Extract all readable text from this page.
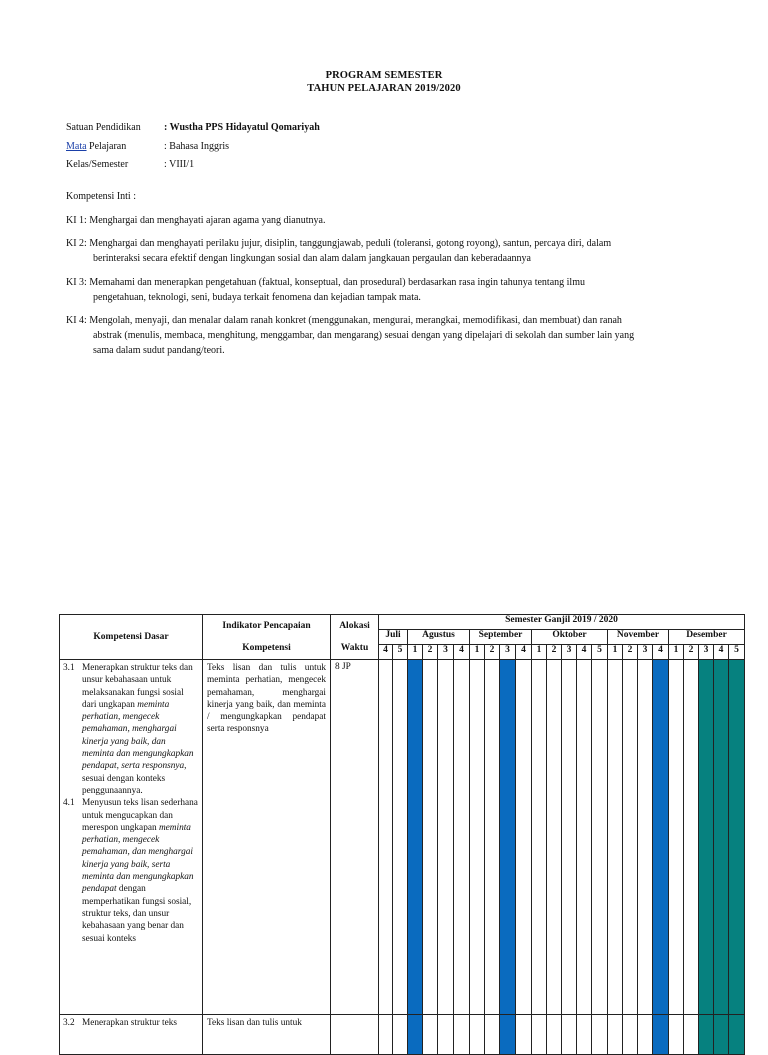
PROGRAM SEMESTER
TAHUN PELAJARAN 2019/2020
Satuan Pendidikan : Wustha PPS Hidayatul Qomariyah
Mata Pelajaran	: Bahasa Inggris
Kelas/Semester	: VIII/1
Kompetensi Inti :
KI 1: Menghargai dan menghayati ajaran agama yang dianutnya.
KI 2: Menghargai dan menghayati perilaku jujur, disiplin, tanggungjawab, peduli (toleransi, gotong royong), santun, percaya diri, dalam
berinteraksi secara efektif dengan lingkungan sosial dan alam dalam jangkauan pergaulan dan keberadaannya
KI 3: Memahami dan menerapkan pengetahuan (faktual, konseptual, dan prosedural) berdasarkan rasa ingin tahunya tentang ilmu
pengetahuan, teknologi, seni, budaya terkait fenomena dan kejadian tampak mata.
KI 4: Mengolah, menyaji, dan menalar dalam ranah konkret (menggunakan, mengurai, merangkai, memodifikasi, dan membuat) dan ranah
abstrak (menulis, membaca, menghitung, menggambar, dan mengarang) sesuai dengan yang dipelajari di sekolah dan sumber lain yang
sama dalam sudut pandang/teori.
Kompetensi Dasar	Indikator Pencapaian Kompetensi	Alokasi Waktu	Semester Ganjil 2019 / 2020																							
			Juli		Agustus				September				Oktober					November				Desember				
			4	5	1	2	3	4	1	2	3	4	1	2	3	4	5	1	2	3	4	1	2	3	4	5

3.1 Menerapkan struktur teks dan unsur kebahasaan untuk melaksanakan fungsi sosial dari ungkapan meminta perhatian, mengecek pemahaman, menghargai kinerja yang baik, dan meminta dan mengungkapkan pendapat, serta responsnya, sesuai dengan konteks penggunaannya.

4.1 Menyusun teks lisan sederhana untuk mengucapkan dan merespon ungkapan meminta perhatian, mengecek pemahaman, dan menghargai kinerja yang baik, serta meminta dan mengungkapkan pendapat dengan memperhatikan fungsi sosial, struktur teks, dan unsur kebahasaan yang benar dan sesuai konteks	Teks lisan dan tulis untuk meminta perhatian, mengecek pemahaman, menghargai kinerja yang baik, dan meminta / mengungkapkan pendapat serta responsnya	8 JP																								

3.2 Menerapkan struktur teks	Teks lisan dan tulis untuk																									
